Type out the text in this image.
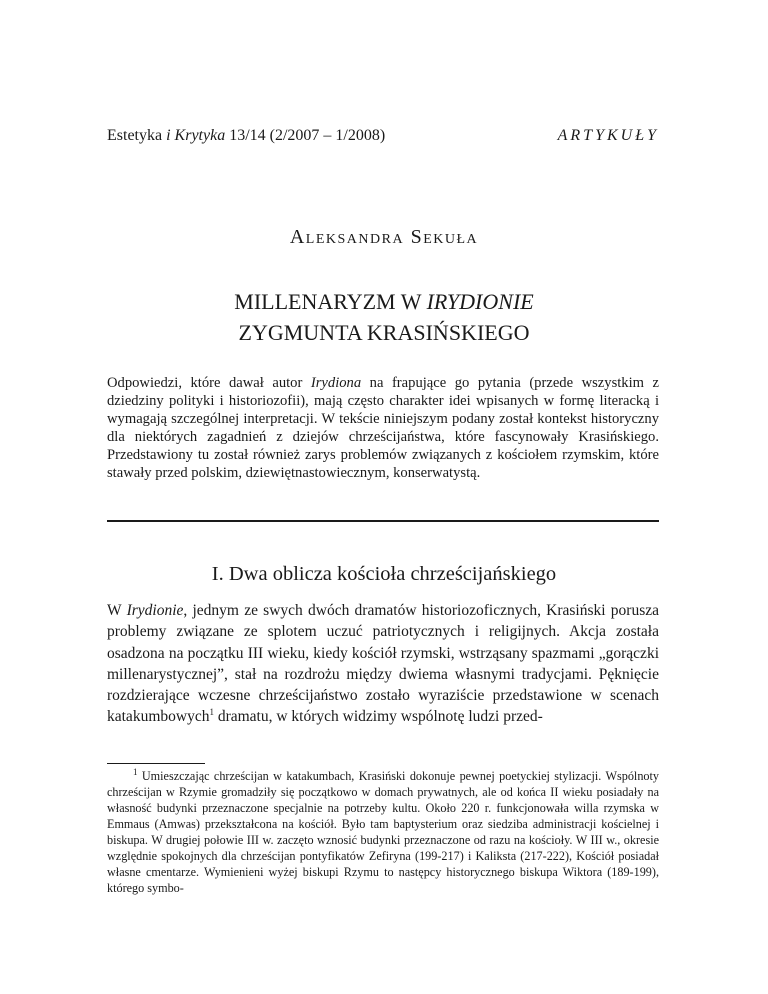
Estetyka i Krytyka 13/14 (2/2007 – 1/2008)	ARTYKUŁY
Aleksandra Sekuła
MILLENARYZM W IRYDIONIE
ZYGMUNTA KRASIŃSKIEGO
Odpowiedzi, które dawał autor Irydiona na frapujące go pytania (przede wszystkim z dziedziny polityki i historiozofii), mają często charakter idei wpisanych w formę literacką i wymagają szczególnej interpretacji. W tekście niniejszym podany został kontekst historyczny dla niektórych zagadnień z dziejów chrześcijaństwa, które fascynowały Krasińskiego. Przedstawiony tu został również zarys problemów związanych z kościołem rzymskim, które stawały przed polskim, dziewiętnastowiecznym, konserwatystą.
I. Dwa oblicza kościoła chrześcijańskiego
W Irydionie, jednym ze swych dwóch dramatów historiozoficznych, Krasiński porusza problemy związane ze splotem uczuć patriotycznych i religijnych. Akcja została osadzona na początku III wieku, kiedy kościół rzymski, wstrząsany spazmami „gorączki millenarystycznej”, stał na rozdrożu między dwiema własnymi tradycjami. Pęknięcie rozdzierające wczesne chrześcijaństwo zostało wyraziście przedstawione w scenach katakumbowych$^1$ dramatu, w których widzimy wspólnotę ludzi przed-
$^1$ Umieszczając chrześcijan w katakumbach, Krasiński dokonuje pewnej poetyckiej stylizacji. Wspólnoty chrześcijan w Rzymie gromadziły się początkowo w domach prywatnych, ale od końca II wieku posiadały na własność budynki przeznaczone specjalnie na potrzeby kultu. Około 220 r. funkcjonowała willa rzymska w Emmaus (Amwas) przekształcona na kościół. Było tam baptysterium oraz siedziba administracji kościelnej i biskupa. W drugiej połowie III w. zaczęto wznosić budynki przeznaczone od razu na kościoły. W III w., okresie względnie spokojnych dla chrześcijan pontyfikatów Zefiryna (199-217) i Kaliksta (217-222), Kościół posiadał własne cmentarze. Wymienieni wyżej biskupi Rzymu to następcy historycznego biskupa Wiktora (189-199), którego symbo-
